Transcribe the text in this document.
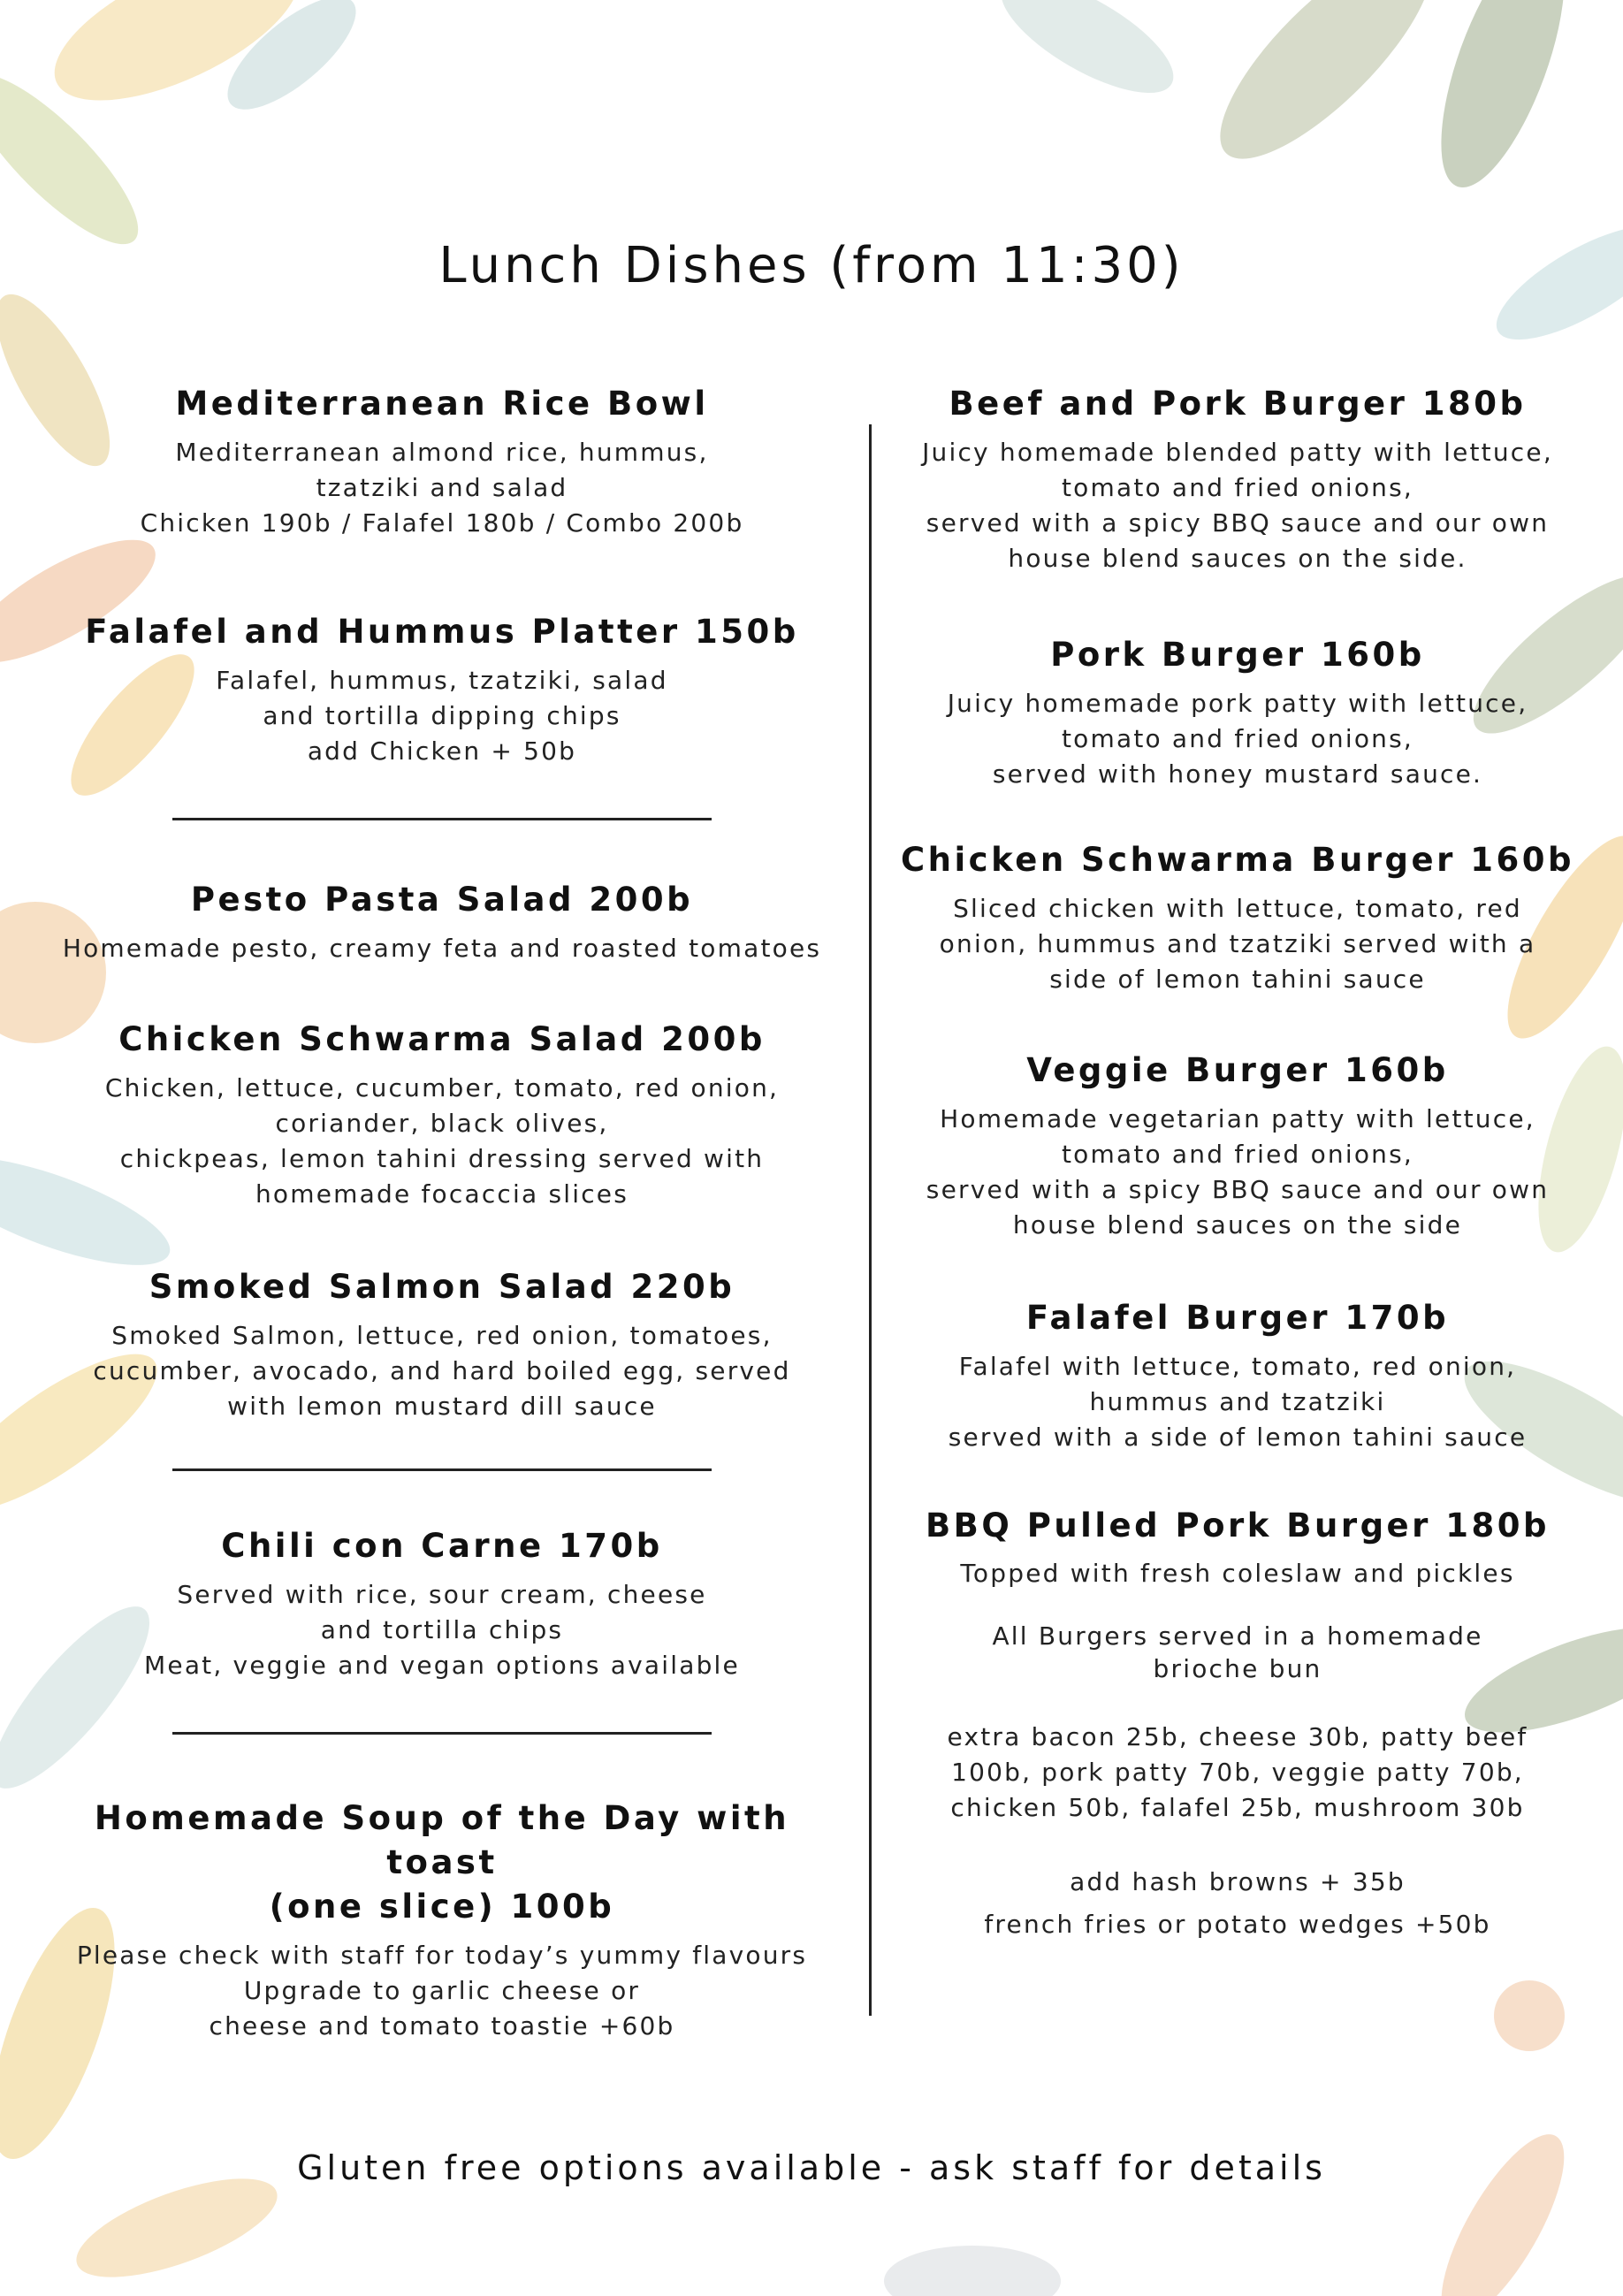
Lunch Dishes (from 11:30)
Mediterranean Rice Bowl
Mediterranean almond rice, hummus,
tzatziki and salad
Chicken 190b / Falafel 180b / Combo 200b
Falafel and Hummus Platter 150b
Falafel, hummus, tzatziki, salad
and tortilla dipping chips
add Chicken + 50b
Pesto Pasta Salad 200b
Homemade pesto, creamy feta and roasted tomatoes
Chicken Schwarma Salad 200b
Chicken, lettuce, cucumber, tomato, red onion,
coriander, black olives,
chickpeas, lemon tahini dressing served with
homemade focaccia slices
Smoked Salmon Salad 220b
Smoked Salmon, lettuce, red onion, tomatoes,
cucumber, avocado, and hard boiled egg, served
with lemon mustard dill sauce
Chili con Carne 170b
Served with rice, sour cream, cheese
and tortilla chips
Meat, veggie and vegan options available
Homemade Soup of the Day with toast
(one slice) 100b
Please check with staff for today’s yummy flavours
Upgrade to garlic cheese or
cheese and tomato toastie +60b
Beef and Pork Burger 180b
Juicy homemade blended patty with lettuce,
tomato and fried onions,
served with a spicy BBQ sauce and our own
house blend sauces on the side.
Pork Burger 160b
Juicy homemade pork patty with lettuce,
tomato and fried onions,
served with honey mustard sauce.
Chicken Schwarma Burger 160b
Sliced chicken with lettuce, tomato, red
onion, hummus and tzatziki served with a
side of lemon tahini sauce
Veggie Burger 160b
Homemade vegetarian patty with lettuce,
tomato and fried onions,
served with a spicy BBQ sauce and our own
house blend sauces on the side
Falafel Burger 170b
Falafel with lettuce, tomato, red onion,
hummus and tzatziki
served with a side of lemon tahini sauce
BBQ Pulled Pork Burger 180b
Topped with fresh coleslaw and pickles
All Burgers served in a homemade
brioche bun
extra bacon 25b, cheese 30b, patty beef
100b, pork patty 70b, veggie patty 70b,
chicken 50b, falafel 25b, mushroom 30b
add hash browns + 35b
french fries or potato wedges +50b
Gluten free options available - ask staff for details
